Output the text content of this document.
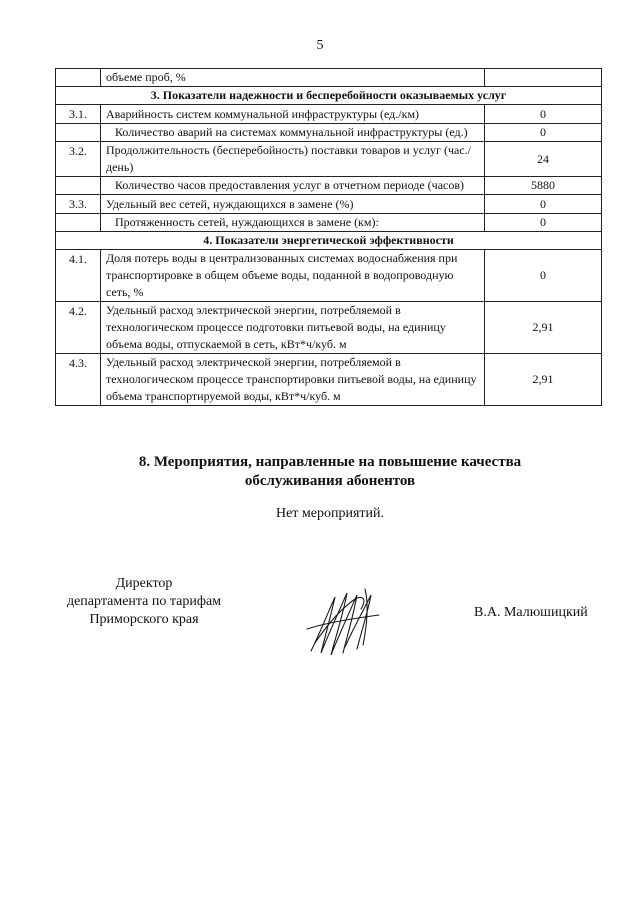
5
	объеме проб, %	
3. Показатели надежности и бесперебойности оказываемых услуг		
3.1.	Аварийность систем коммунальной инфраструктуры (ед./км)	0
	Количество аварий на системах коммунальной инфраструктуры (ед.)	0
3.2.	Продолжительность (бесперебойность) поставки товаров и услуг (час./день)	24
	Количество часов предоставления услуг в отчетном периоде (часов)	5880
3.3.	Удельный вес сетей, нуждающихся в замене (%)	0
	Протяженность сетей, нуждающихся в замене (км):	0
4. Показатели энергетической эффективности		
4.1.	Доля потерь воды в централизованных системах водоснабжения при транспортировке в общем объеме воды, поданной в водопроводную сеть, %	0
4.2.	Удельный расход электрической энергии, потребляемой в технологическом процессе подготовки питьевой воды, на единицу объема воды, отпускаемой в сеть, кВт*ч/куб. м	2,91
4.3.	Удельный расход электрической энергии, потребляемой в технологическом процессе транспортировки питьевой воды, на единицу объема транспортируемой воды, кВт*ч/куб. м	2,91
8. Мероприятия, направленные на повышение качества
обслуживания абонентов
Нет мероприятий.
Директор
департамента по тарифам
Приморского края	В.А. Малюшицкий
